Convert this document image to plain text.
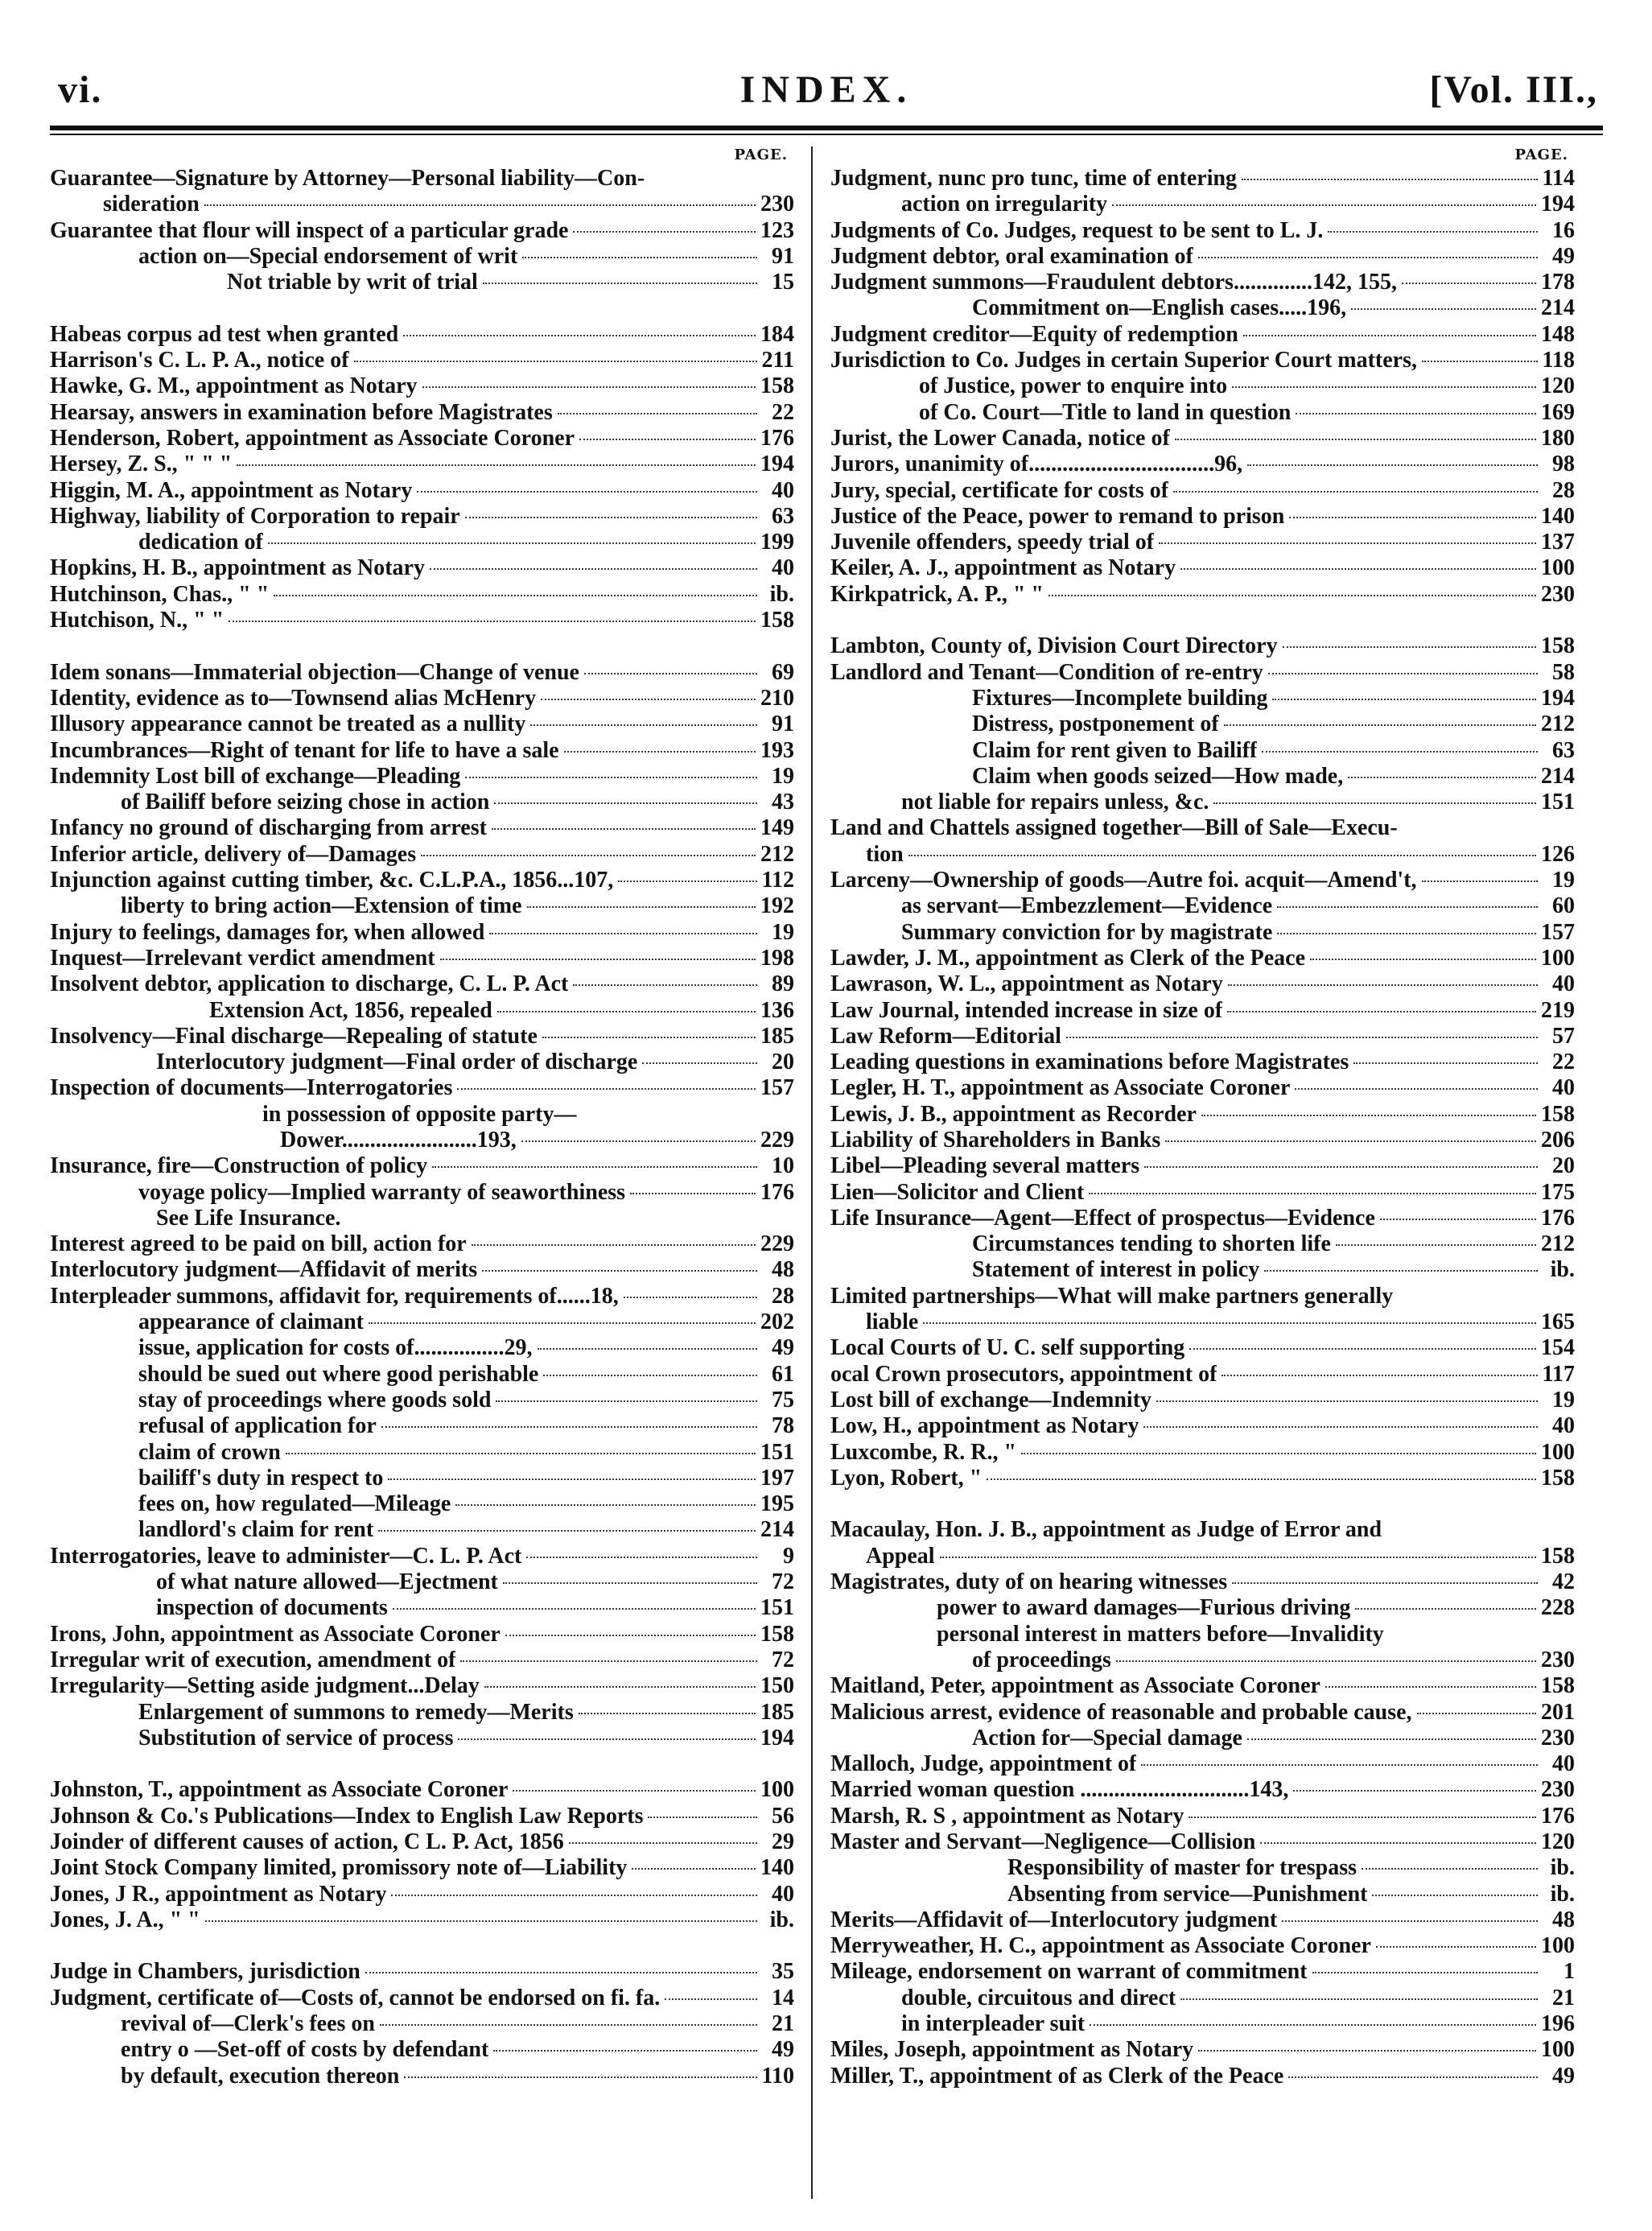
vi.	INDEX.	[Vol. III.,
PAGE.
Guarantee—Signature by Attorney—Personal liability—Con-
sideration	230
Guarantee that flour will inspect of a particular grade	123
action on—Special endorsement of writ	91
Not triable by writ of trial	15
Habeas corpus ad test when granted	184
Harrison's C. L. P. A., notice of	211
Hawke, G. M., appointment as Notary	158
Hearsay, answers in examination before Magistrates	22
Henderson, Robert, appointment as Associate Coroner	176
Hersey, Z. S., " " "	194
Higgin, M. A., appointment as Notary	40
Highway, liability of Corporation to repair	63
dedication of	199
Hopkins, H. B., appointment as Notary	40
Hutchinson, Chas., " "	ib.
Hutchison, N., " "	158
Idem sonans—Immaterial objection—Change of venue	69
Identity, evidence as to—Townsend alias McHenry	210
Illusory appearance cannot be treated as a nullity	91
Incumbrances—Right of tenant for life to have a sale	193
Indemnity Lost bill of exchange—Pleading	19
of Bailiff before seizing chose in action	43
Infancy no ground of discharging from arrest	149
Inferior article, delivery of—Damages	212
Injunction against cutting timber, &c. C.L.P.A., 1856...107,	112
liberty to bring action—Extension of time	192
Injury to feelings, damages for, when allowed	19
Inquest—Irrelevant verdict amendment	198
Insolvent debtor, application to discharge, C. L. P. Act	89
Extension Act, 1856, repealed	136
Insolvency—Final discharge—Repealing of statute	185
Interlocutory judgment—Final order of discharge	20
Inspection of documents—Interrogatories	157
in possession of opposite party—
Dower........................193,	229
Insurance, fire—Construction of policy	10
voyage policy—Implied warranty of seaworthiness	176
See Life Insurance.
Interest agreed to be paid on bill, action for	229
Interlocutory judgment—Affidavit of merits	48
Interpleader summons, affidavit for, requirements of......18,	28
appearance of claimant	202
issue, application for costs of................29,	49
should be sued out where good perishable	61
stay of proceedings where goods sold	75
refusal of application for	78
claim of crown	151
bailiff's duty in respect to	197
fees on, how regulated—Mileage	195
landlord's claim for rent	214
Interrogatories, leave to administer—C. L. P. Act	9
of what nature allowed—Ejectment	72
inspection of documents	151
Irons, John, appointment as Associate Coroner	158
Irregular writ of execution, amendment of	72
Irregularity—Setting aside judgment...Delay	150
Enlargement of summons to remedy—Merits	185
Substitution of service of process	194
Johnston, T., appointment as Associate Coroner	100
Johnson & Co.'s Publications—Index to English Law Reports	56
Joinder of different causes of action, C L. P. Act, 1856	29
Joint Stock Company limited, promissory note of—Liability	140
Jones, J R., appointment as Notary	40
Jones, J. A., " "	ib.
Judge in Chambers, jurisdiction	35
Judgment, certificate of—Costs of, cannot be endorsed on fi. fa.	14
revival of—Clerk's fees on	21
entry o —Set-off of costs by defendant	49
by default, execution thereon	110
PAGE.
Judgment, nunc pro tunc, time of entering	114
action on irregularity	194
Judgments of Co. Judges, request to be sent to L. J.	16
Judgment debtor, oral examination of	49
Judgment summons—Fraudulent debtors..............142, 155,	178
Commitment on—English cases.....196,	214
Judgment creditor—Equity of redemption	148
Jurisdiction to Co. Judges in certain Superior Court matters,	118
of Justice, power to enquire into	120
of Co. Court—Title to land in question	169
Jurist, the Lower Canada, notice of	180
Jurors, unanimity of.................................96,	98
Jury, special, certificate for costs of	28
Justice of the Peace, power to remand to prison	140
Juvenile offenders, speedy trial of	137
Keiler, A. J., appointment as Notary	100
Kirkpatrick, A. P., " "	230
Lambton, County of, Division Court Directory	158
Landlord and Tenant—Condition of re-entry	58
Fixtures—Incomplete building	194
Distress, postponement of	212
Claim for rent given to Bailiff	63
Claim when goods seized—How made,	214
not liable for repairs unless, &c.	151
Land and Chattels assigned together—Bill of Sale—Execu-
tion	126
Larceny—Ownership of goods—Autre foi. acquit—Amend't,	19
as servant—Embezzlement—Evidence	60
Summary conviction for by magistrate	157
Lawder, J. M., appointment as Clerk of the Peace	100
Lawrason, W. L., appointment as Notary	40
Law Journal, intended increase in size of	219
Law Reform—Editorial	57
Leading questions in examinations before Magistrates	22
Legler, H. T., appointment as Associate Coroner	40
Lewis, J. B., appointment as Recorder	158
Liability of Shareholders in Banks	206
Libel—Pleading several matters	20
Lien—Solicitor and Client	175
Life Insurance—Agent—Effect of prospectus—Evidence	176
Circumstances tending to shorten life	212
Statement of interest in policy	ib.
Limited partnerships—What will make partners generally
liable	165
Local Courts of U. C. self supporting	154
ocal Crown prosecutors, appointment of	117
Lost bill of exchange—Indemnity	19
Low, H., appointment as Notary	40
Luxcombe, R. R., "	100
Lyon, Robert, "	158
Macaulay, Hon. J. B., appointment as Judge of Error and
Appeal	158
Magistrates, duty of on hearing witnesses	42
power to award damages—Furious driving	228
personal interest in matters before—Invalidity
of proceedings	230
Maitland, Peter, appointment as Associate Coroner	158
Malicious arrest, evidence of reasonable and probable cause,	201
Action for—Special damage	230
Malloch, Judge, appointment of	40
Married woman question ..............................143,	230
Marsh, R. S , appointment as Notary	176
Master and Servant—Negligence—Collision	120
Responsibility of master for trespass	ib.
Absenting from service—Punishment	ib.
Merits—Affidavit of—Interlocutory judgment	48
Merryweather, H. C., appointment as Associate Coroner	100
Mileage, endorsement on warrant of commitment	1
double, circuitous and direct	21
in interpleader suit	196
Miles, Joseph, appointment as Notary	100
Miller, T., appointment of as Clerk of the Peace	49
